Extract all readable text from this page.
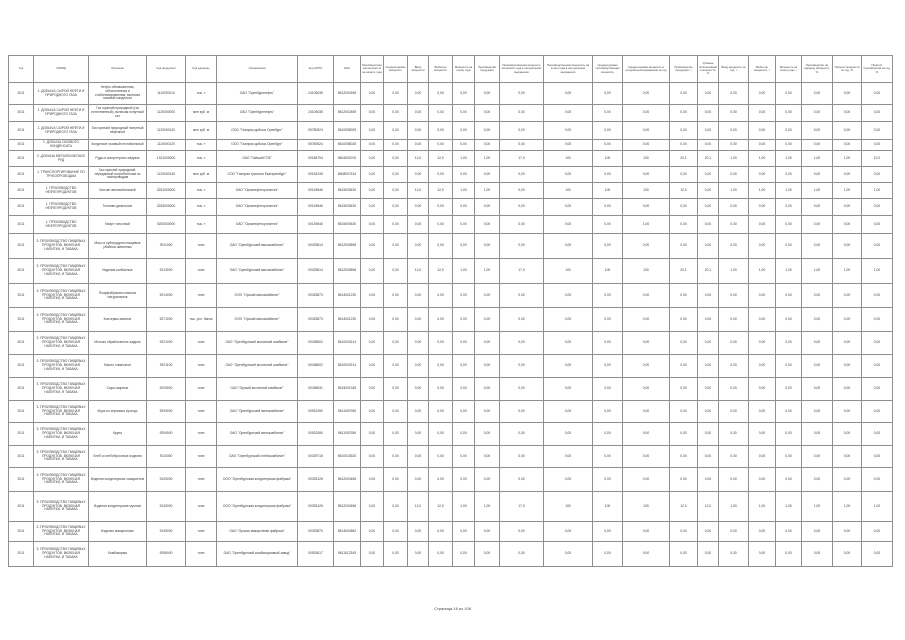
Год	ОКВЭД	Описание	Код продукции	Код единицы	Организация	Код ОКПО	ИНН	Производственная мощность на начало года	Среднегодовая мощность	Ввод мощности	Выбытие мощности	Мощность на конец года	Производство продукции	Производственная мощность на начало года в натуральном выражении	Производственная мощность на конец года в натуральном выражении	Среднегодовая производственная мощность	Среднегодовая мощность в натуральном выражении за год	Производство продукции, т	Уровень использования мощности, %	Ввод мощности за год, т	Выбытие мощности, т	Мощность на конец года, т	Производство на единицу мощности, %	Прирост мощности за год, %	Прирост производства за год, %
2011	1. ДОБЫЧА СЫРОЙ НЕФТИ И ПРИРОДНОГО ГАЗА	Нефть обезвоженная, обессоленная и стабилизированная, включая газовый конденсат	1110000110	тыс. т	ОАО "Оренбургнефть"	24106035	5612002469	0,00	0,00	0,00	0,00	0,00	0,00	0,00	0,00	0,00	0,00	0,00	0,00	0,00	0,00	0,00	0,00	0,00	0,00
2011	1. ДОБЫЧА СЫРОЙ НЕФТИ И ПРИРОДНОГО ГАЗА	Газ горючий природный (газ естественный), включая попутный газ	1120000000	млн куб. м	ОАО "Оренбургнефть"	24106035	5612002469	0,00	0,00	0,00	0,00	0,00	0,00	0,00	0,00	0,00	0,00	0,00	0,00	0,00	0,00	0,00	0,00	0,00	0,00
2011	1. ДОБЫЧА СЫРОЙ НЕФТИ И ПРИРОДНОГО ГАЗА	Газ горючий природный попутный нефтяной	1120000120	млн куб. м	ООО "Газпром добыча Оренбург"	05780524	5610058025	0,00	0,00	0,00	0,00	0,00	0,00	0,00	0,00	0,00	0,00	0,00	0,00	0,00	0,00	0,00	0,00	0,00	0,00
2011	1. ДОБЫЧА ГАЗОВОГО КОНДЕНСАТА	Конденсат газовый нестабильный	1110000120	тыс. т	ООО "Газпром добыча Оренбург"	05780524	5610058025	0,00	0,00	0,00	0,00	0,00	0,00	0,00	0,00	0,00	0,00	0,00	0,00	0,00	0,00	0,00	0,00	0,00	0,00
2011	2. ДОБЫЧА МЕТАЛЛИЧЕСКИХ РУД	Руды и концентраты медные	1321000000	тыс. т	ОАО "Гайский ГОК"	00186794	5604000700	0,00	0,00	12,0	12,0	1,00	1,00	17,0	100	100	100	20,1	20,1	1,00	1,00	1,00	1,00	1,00	10,0
2011	1. ТРАНСПОРТИРОВАНИЕ ПО ТРУБОПРОВОДАМ	Газ горючий природный, переданный потребителям по газопроводам	1120000130	млн куб. м	ООО "Газпром трансгаз Екатеринбург"	00154245	6608007434	0,00	0,00	0,00	0,00	0,00	0,00	0,00	0,00	0,00	0,00	0,00	0,00	0,00	0,00	0,00	0,00	0,00	0,00
2011	1. ПРОИЗВОДСТВО НЕФТЕПРОДУКТОВ	Бензин автомобильный	0251000000	тыс. т	ОАО "Орскнефтеоргсинтез"	00149646	5615005430	0,00	0,00	12,0	12,0	1,00	1,00	0,00	100	100	100	12,0	0,00	1,00	1,00	1,00	1,00	1,00	1,00
2011	1. ПРОИЗВОДСТВО НЕФТЕПРОДУКТОВ	Топливо дизельное	0253000000	тыс. т	ОАО "Орскнефтеоргсинтез"	00149646	5615005430	0,00	0,00	0,00	0,00	0,00	0,00	0,00	0,00	0,00	0,00	0,00	0,00	0,00	0,00	0,00	0,00	0,00	0,00
2011	1. ПРОИЗВОДСТВО НЕФТЕПРОДУКТОВ	Мазут топочный	0252000000	тыс. т	ОАО "Орскнефтеоргсинтез"	00149646	5615005430	0,00	0,00	0,00	0,00	0,00	0,00	0,00	0,00	0,00	1,00	0,00	0,00	0,00	0,00	0,00	0,00	0,00	0,00
2011	3. ПРОИЗВОДСТВО ПИЩЕВЫХ ПРОДУКТОВ, ВКЛЮЧАЯ НАПИТКИ, И ТАБАКА	Мясо и субпродукты пищевые убойных животных	9211000	тонн	ОАО "Оренбургский мясокомбинат"	00425814	5612000896	0,00	0,00	0,00	0,00	0,00	0,00	0,00	0,00	0,00	0,00	0,00	0,00	0,00	0,00	0,00	0,00	0,00	0,00
2011	3. ПРОИЗВОДСТВО ПИЩЕВЫХ ПРОДУКТОВ, ВКЛЮЧАЯ НАПИТКИ, И ТАБАКА	Изделия колбасные	9213000	тонн	ОАО "Оренбургский мясокомбинат"	00425814	5612000896	0,00	0,00	12,0	12,0	1,00	1,00	17,0	100	100	100	20,1	20,1	1,00	1,00	1,00	1,00	1,00	1,00
2011	3. ПРОИЗВОДСТВО ПИЩЕВЫХ ПРОДУКТОВ, ВКЛЮЧАЯ НАПИТКИ, И ТАБАКА	Полуфабрикаты мясные натуральные	9214000	тонн	ООО "Орский мясокомбинат"	00425873	5614001230	0,00	0,00	0,00	0,00	0,00	0,00	0,00	0,00	0,00	0,00	0,00	0,00	0,00	0,00	0,00	0,00	0,00	0,00
2011	3. ПРОИЗВОДСТВО ПИЩЕВЫХ ПРОДУКТОВ, ВКЛЮЧАЯ НАПИТКИ, И ТАБАКА	Консервы мясные	9271000	тыс. усл. банок	ООО "Орский мясокомбинат"	00425873	5614001230	0,00	0,00	0,00	0,00	0,00	0,00	0,00	0,00	0,00	0,00	0,00	0,00	0,00	0,00	0,00	0,00	0,00	0,00
2011	3. ПРОИЗВОДСТВО ПИЩЕВЫХ ПРОДУКТОВ, ВКЛЮЧАЯ НАПИТКИ, И ТАБАКА	Молоко обработанное жидкое	9221000	тонн	ОАО "Оренбургский молочный комбинат"	00438602	5610003214	0,00	0,00	0,00	0,00	0,00	0,00	0,00	0,00	0,00	0,00	0,00	0,00	0,00	0,00	0,00	0,00	0,00	0,00
2011	3. ПРОИЗВОДСТВО ПИЩЕВЫХ ПРОДУКТОВ, ВКЛЮЧАЯ НАПИТКИ, И ТАБАКА	Масло сливочное	9221100	тонн	ОАО "Оренбургский молочный комбинат"	00438602	5610003214	0,00	0,00	0,00	0,00	0,00	0,00	0,00	0,00	0,00	0,00	0,00	0,00	0,00	0,00	0,00	0,00	0,00	0,00
2011	3. ПРОИЗВОДСТВО ПИЩЕВЫХ ПРОДУКТОВ, ВКЛЮЧАЯ НАПИТКИ, И ТАБАКА	Сыры жирные	9225000	тонн	ОАО "Орский молочный комбинат"	00438631	5615001345	0,00	0,00	0,00	0,00	0,00	0,00	0,00	0,00	0,00	0,00	0,00	0,00	0,00	0,00	0,00	0,00	0,00	0,00
2011	3. ПРОИЗВОДСТВО ПИЩЕВЫХ ПРОДУКТОВ, ВКЛЮЧАЯ НАПИТКИ, И ТАБАКА	Мука из зерновых культур	9293000	тонн	ОАО "Оренбургский мелькомбинат"	00932450	5611000786	0,00	0,00	0,00	0,00	0,00	0,00	0,00	0,00	0,00	0,00	0,00	0,00	0,00	0,00	0,00	0,00	0,00	0,00
2011	3. ПРОИЗВОДСТВО ПИЩЕВЫХ ПРОДУКТОВ, ВКЛЮЧАЯ НАПИТКИ, И ТАБАКА	Крупа	9294000	тонн	ОАО "Оренбургский мелькомбинат"	00932450	5611000786	0,00	0,00	0,00	0,00	0,00	0,00	0,00	0,00	0,00	0,00	0,00	0,00	0,00	0,00	0,00	0,00	0,00	0,00
2011	3. ПРОИЗВОДСТВО ПИЩЕВЫХ ПРОДУКТОВ, ВКЛЮЧАЯ НАПИТКИ, И ТАБАКА	Хлеб и хлебобулочные изделия	9110000	тонн	ОАО "Оренбургский хлебокомбинат"	00339715	5610018320	0,00	0,00	0,00	0,00	0,00	0,00	0,00	0,00	0,00	0,00	0,00	0,00	0,00	0,00	0,00	0,00	0,00	0,00
2011	3. ПРОИЗВОДСТВО ПИЩЕВЫХ ПРОДУКТОВ, ВКЛЮЧАЯ НАПИТКИ, И ТАБАКА	Изделия кондитерские сахаристые	9120000	тонн	ООО "Оренбургская кондитерская фабрика"	00335126	5612003456	0,00	0,00	0,00	0,00	0,00	0,00	0,00	0,00	0,00	0,00	0,00	0,00	0,00	0,00	0,00	0,00	0,00	0,00
2011	3. ПРОИЗВОДСТВО ПИЩЕВЫХ ПРОДУКТОВ, ВКЛЮЧАЯ НАПИТКИ, И ТАБАКА	Изделия кондитерские мучные	9130000	тонн	ООО "Оренбургская кондитерская фабрика"	00335126	5612003456	0,00	0,00	12,0	12,0	1,00	1,00	17,0	100	100	100	12,0	12,0	1,00	1,00	1,00	1,00	1,00	1,00
2011	3. ПРОИЗВОДСТВО ПИЩЕВЫХ ПРОДУКТОВ, ВКЛЮЧАЯ НАПИТКИ, И ТАБАКА	Изделия макаронные	9149000	тонн	ОАО "Орская макаронная фабрика"	00339870	5614004562	0,00	0,00	0,00	0,00	0,00	0,00	0,00	0,00	0,00	0,00	0,00	0,00	0,00	0,00	0,00	0,00	0,00	0,00
2011	3. ПРОИЗВОДСТВО ПИЩЕВЫХ ПРОДУКТОВ, ВКЛЮЧАЯ НАПИТКИ, И ТАБАКА	Комбикорма	9296000	тонн	ОАО "Оренбургский комбикормовый завод"	00933617	5611012345	0,00	0,00	0,00	0,00	0,00	0,00	0,00	0,00	0,00	0,00	0,00	0,00	0,00	0,00	0,00	0,00	0,00	0,00
Страница 16 из 108
